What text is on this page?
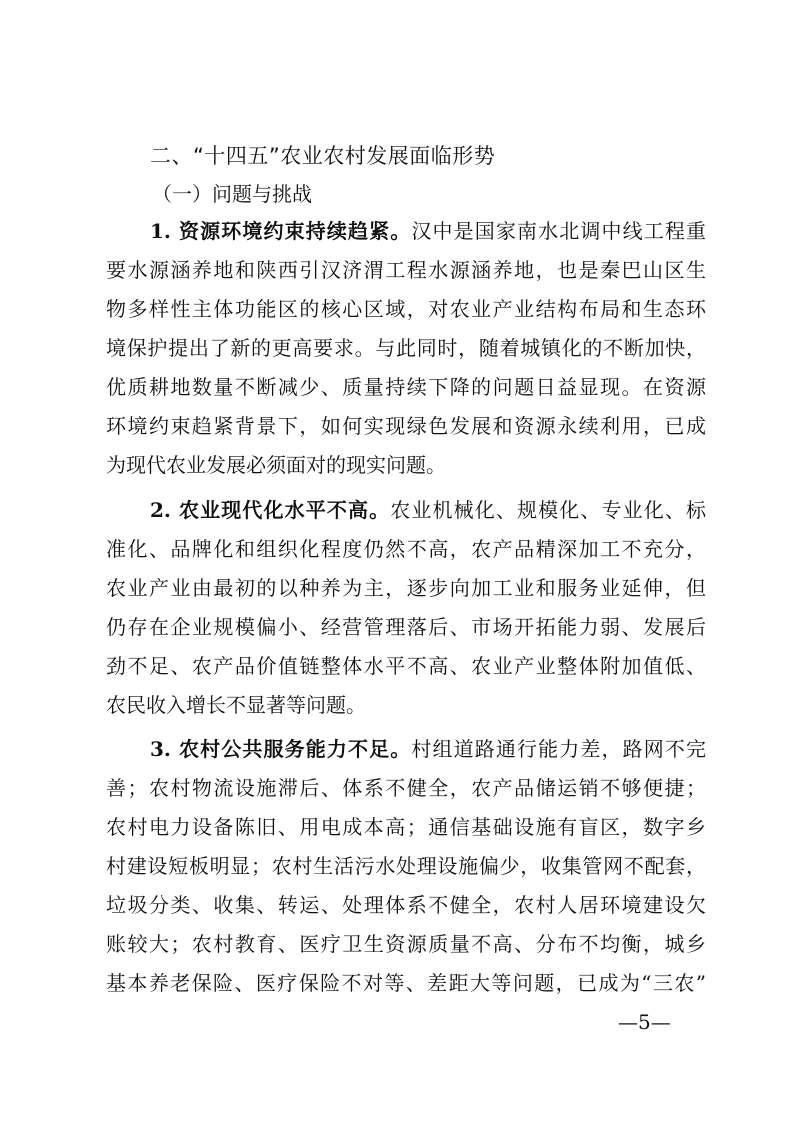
二、“十四五”农业农村发展面临形势
（一）问题与挑战
1. 资源环境约束持续趋紧。汉中是国家南水北调中线工程重
要水源涵养地和陕西引汉济渭工程水源涵养地，也是秦巴山区生
物多样性主体功能区的核心区域，对农业产业结构布局和生态环
境保护提出了新的更高要求。与此同时，随着城镇化的不断加快，
优质耕地数量不断减少、质量持续下降的问题日益显现。在资源
环境约束趋紧背景下，如何实现绿色发展和资源永续利用，已成
为现代农业发展必须面对的现实问题。
2. 农业现代化水平不高。农业机械化、规模化、专业化、标
准化、品牌化和组织化程度仍然不高，农产品精深加工不充分，
农业产业由最初的以种养为主，逐步向加工业和服务业延伸，但
仍存在企业规模偏小、经营管理落后、市场开拓能力弱、发展后
劲不足、农产品价值链整体水平不高、农业产业整体附加值低、
农民收入增长不显著等问题。
3. 农村公共服务能力不足。村组道路通行能力差，路网不完
善；农村物流设施滞后、体系不健全，农产品储运销不够便捷；
农村电力设备陈旧、用电成本高；通信基础设施有盲区，数字乡
村建设短板明显；农村生活污水处理设施偏少，收集管网不配套，
垃圾分类、收集、转运、处理体系不健全，农村人居环境建设欠
账较大；农村教育、医疗卫生资源质量不高、分布不均衡，城乡
基本养老保险、医疗保险不对等、差距大等问题，已成为“三农”
—5—
